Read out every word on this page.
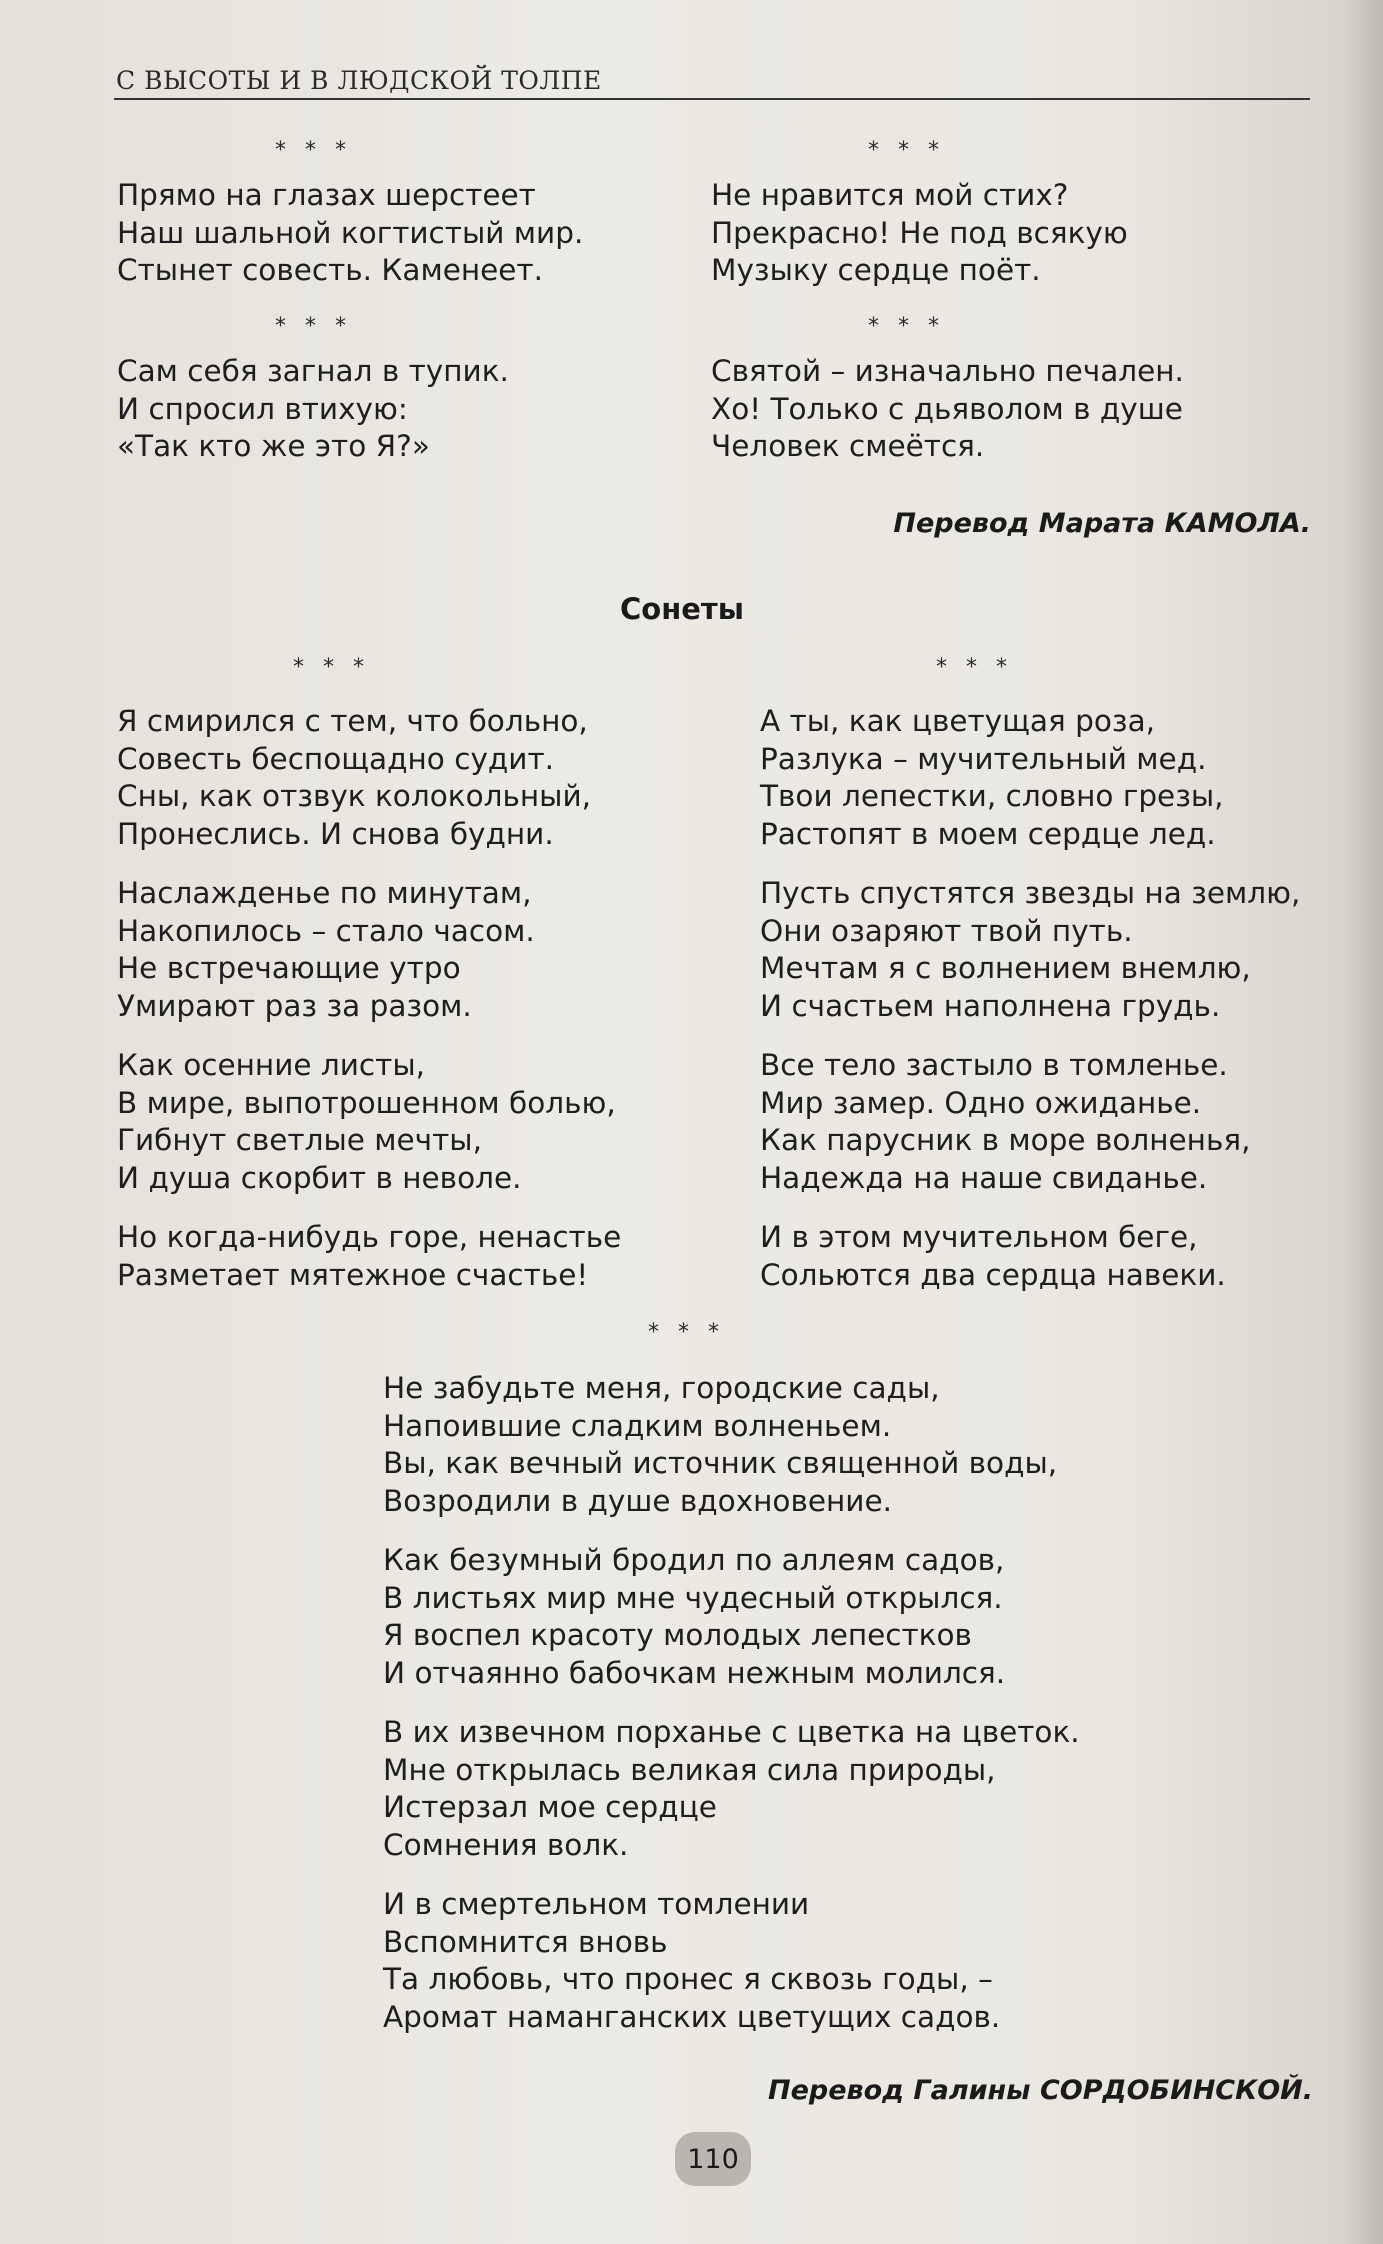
С ВЫСОТЫ И В ЛЮДСКОЙ ТОЛПЕ
* * *
Прямо на глазах шерстеет
Наш шальной когтистый мир.
Стынет совесть. Каменеет.
* * *
Сам себя загнал в тупик.
И спросил втихую:
«Так кто же это Я?»
* * *
Не нравится мой стих?
Прекрасно! Не под всякую
Музыку сердце поёт.
* * *
Святой – изначально печален.
Хо! Только с дьяволом в душе
Человек смеётся.
Перевод Марата КАМОЛА.
Сонеты
* * *
Я смирился с тем, что больно,
Совесть беспощадно судит.
Сны, как отзвук колокольный,
Пронеслись. И снова будни.
Наслажденье по минутам,
Накопилось – стало часом.
Не встречающие утро
Умирают раз за разом.
Как осенние листы,
В мире, выпотрошенном болью,
Гибнут светлые мечты,
И душа скорбит в неволе.
Но когда-нибудь горе, ненастье
Разметает мятежное счастье!
* * *
А ты, как цветущая роза,
Разлука – мучительный мед.
Твои лепестки, словно грезы,
Растопят в моем сердце лед.
Пусть спустятся звезды на землю,
Они озаряют твой путь.
Мечтам я с волнением внемлю,
И счастьем наполнена грудь.
Все тело застыло в томленье.
Мир замер. Одно ожиданье.
Как парусник в море волненья,
Надежда на наше свиданье.
И в этом мучительном беге,
Сольются два сердца навеки.
* * *
Не забудьте меня, городские сады,
Напоившие сладким волненьем.
Вы, как вечный источник священной воды,
Возродили в душе вдохновение.
Как безумный бродил по аллеям садов,
В листьях мир мне чудесный открылся.
Я воспел красоту молодых лепестков
И отчаянно бабочкам нежным молился.
В их извечном порханье с цветка на цветок.
Мне открылась великая сила природы,
Истерзал мое сердце
Сомнения волк.
И в смертельном томлении
Вспомнится вновь
Та любовь, что пронес я сквозь годы, –
Аромат наманганских цветущих садов.
Перевод Галины СОРДОБИНСКОЙ.
110
